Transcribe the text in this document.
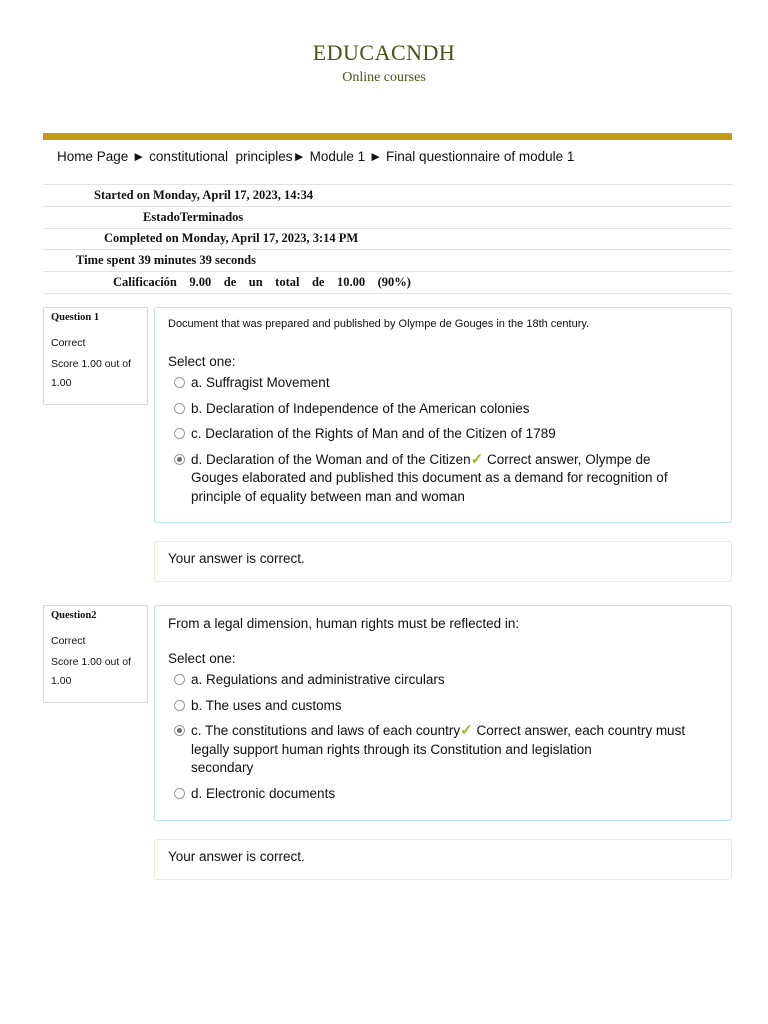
EDUCACNDH
Online courses
Home Page ► constitutional  principles► Module 1 ► Final questionnaire of module 1
Started on Monday, April 17, 2023, 14:34
EstadoTerminados
Completed on Monday, April 17, 2023, 3:14 PM
Time spent 39 minutes 39 seconds
Calificación    9.00    de    un    total    de    10.00    (90%)
Question 1
Correct
Score 1.00 out of 1.00
Document that was prepared and published by Olympe de Gouges in the 18th century.
Select one:
a. Suffragist Movement
b. Declaration of Independence of the American colonies
c. Declaration of the Rights of Man and of the Citizen of 1789
d. Declaration of the Woman and of the Citizen✓ Correct answer, Olympe de
Gouges elaborated and published this document as a demand for recognition of
principle of equality between man and woman
Your answer is correct.
Question2
Correct
Score 1.00 out of 1.00
From a legal dimension, human rights must be reflected in:
Select one:
a. Regulations and administrative circulars
b. The uses and customs
c. The constitutions and laws of each country✓ Correct answer, each country must
legally support human rights through its Constitution and legislation
secondary
d. Electronic documents
Your answer is correct.
